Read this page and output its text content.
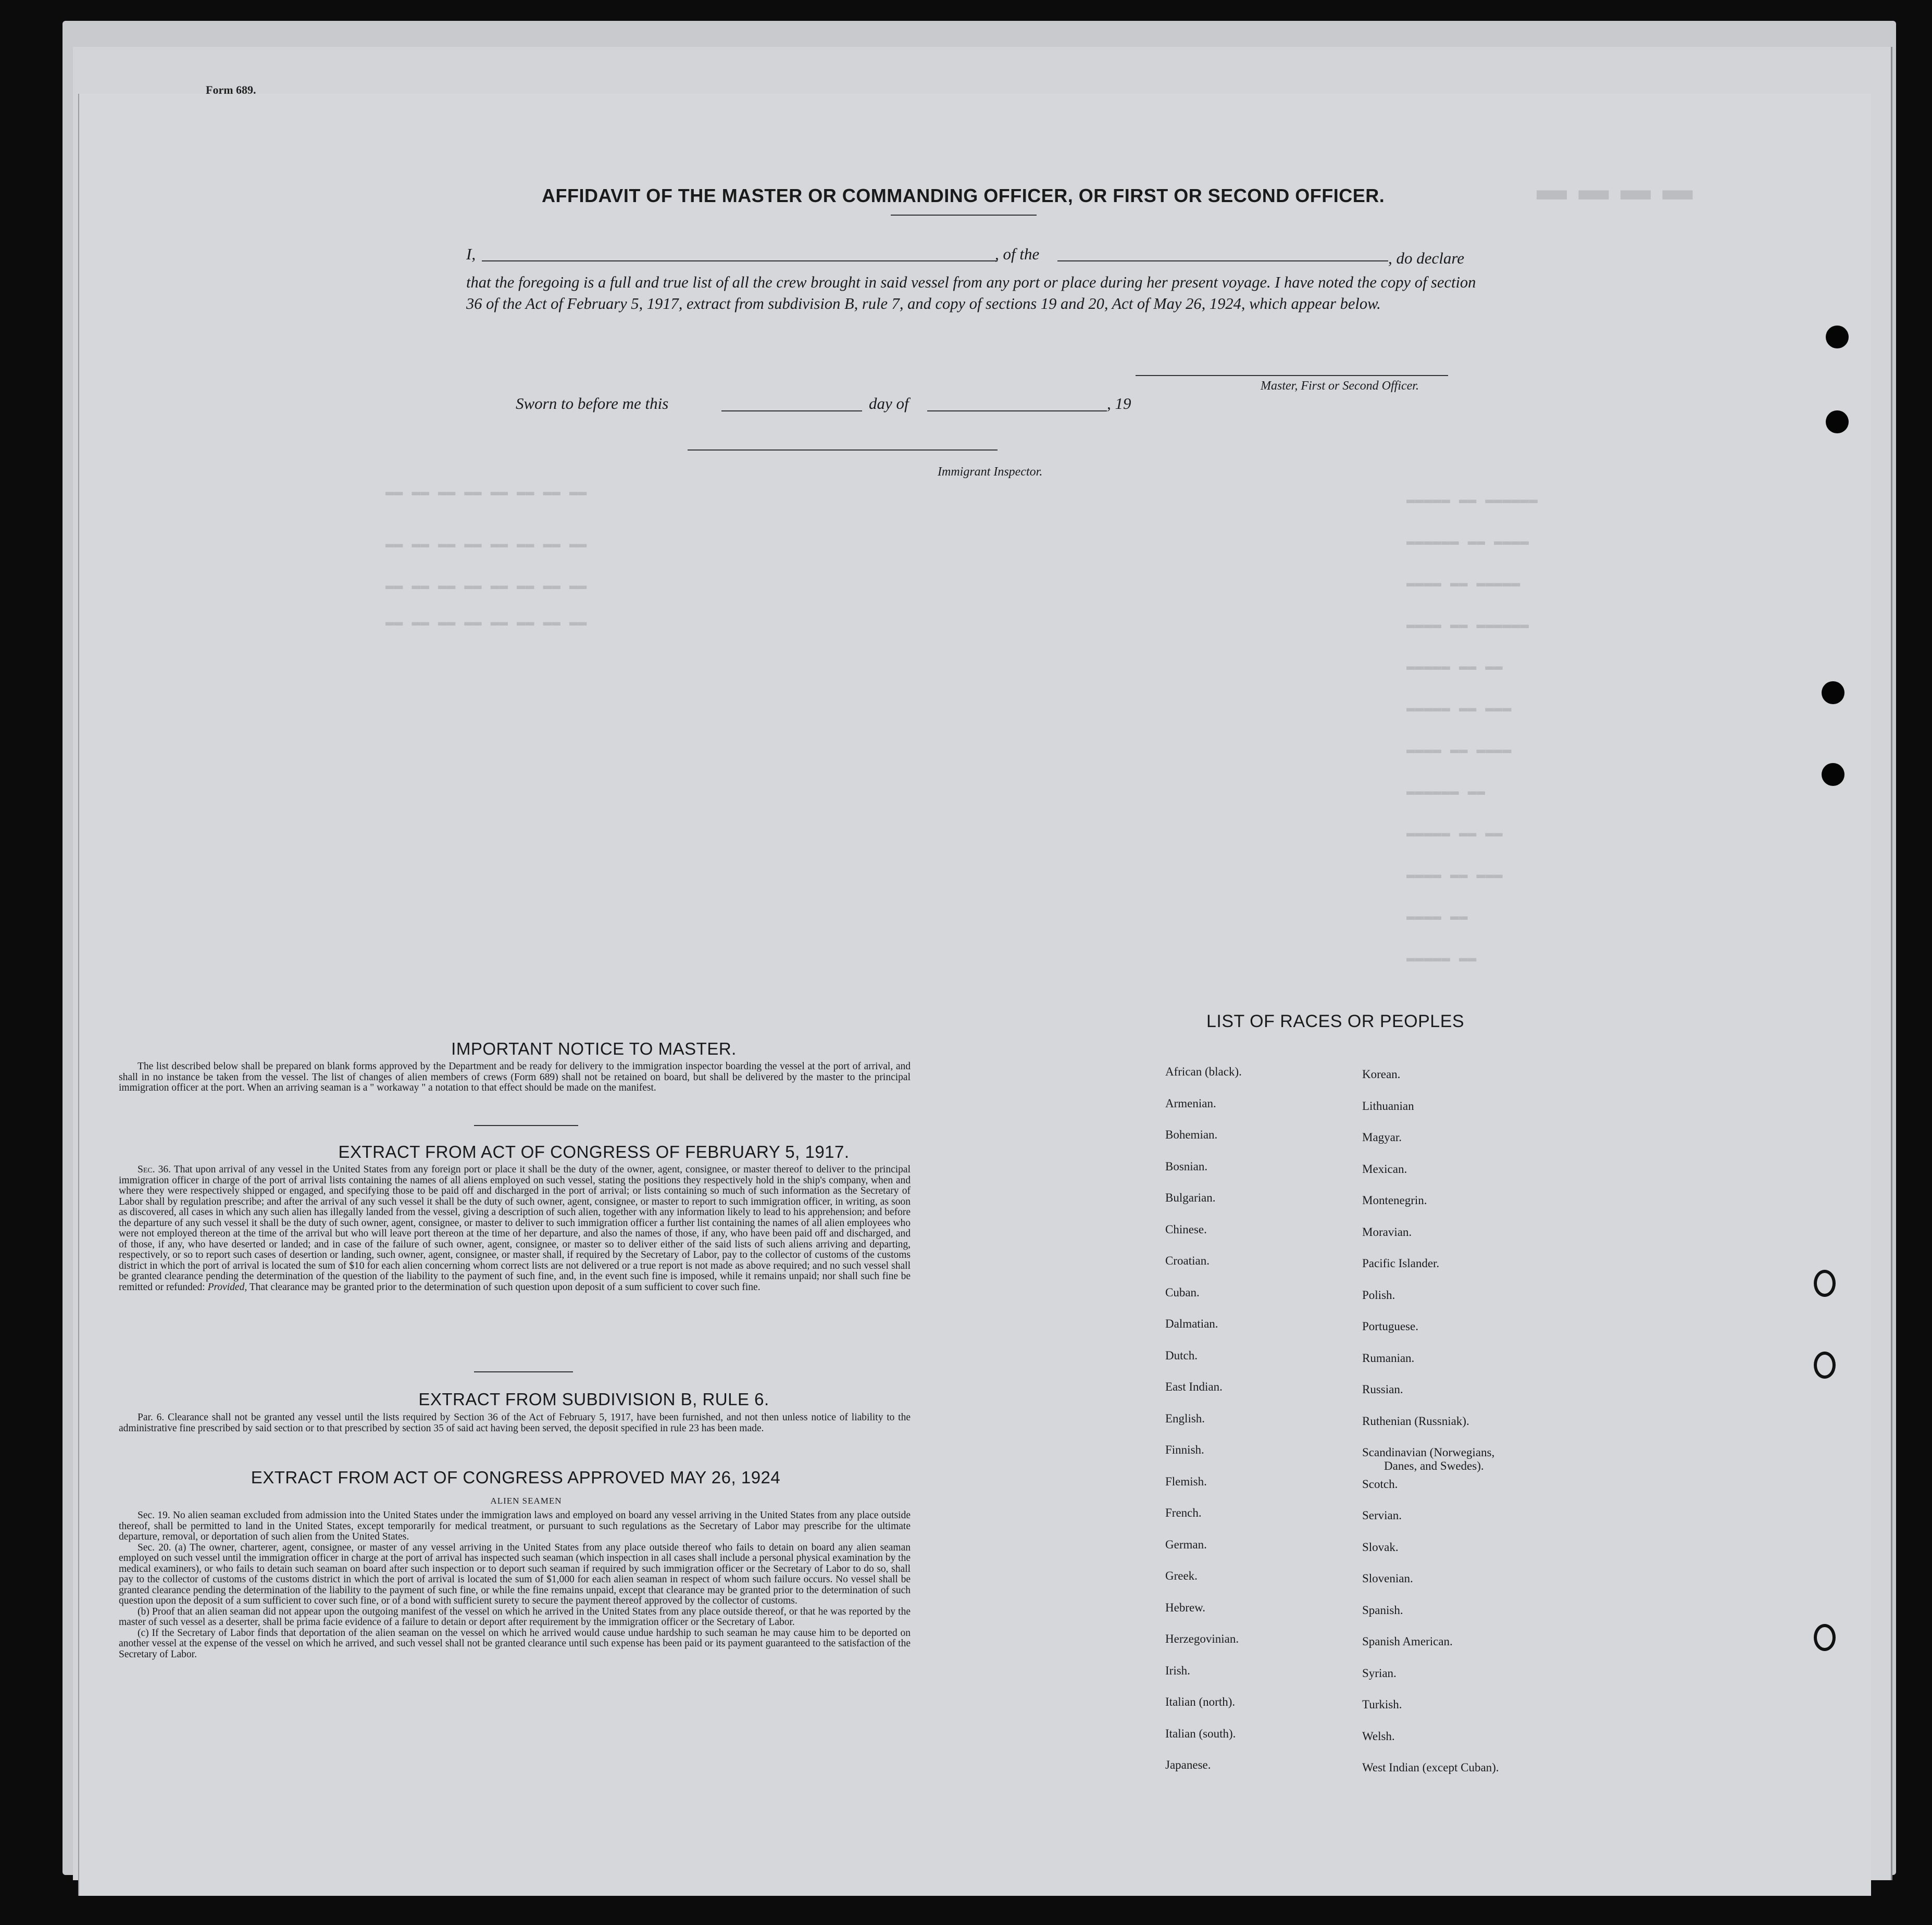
Form 689.
▬ ▬ ▬ ▬
▬▬▬▬▬ ▬▬ ▬▬▬▬▬▬
▬▬▬▬▬▬ ▬▬ ▬▬▬▬
▬▬▬▬ ▬▬ ▬▬▬▬▬
▬▬▬▬ ▬▬ ▬▬▬▬▬▬
▬▬▬▬▬ ▬▬ ▬▬
▬▬▬▬▬ ▬▬ ▬▬▬
▬▬▬▬ ▬▬ ▬▬▬▬
▬▬▬▬▬▬ ▬▬
▬▬▬▬▬ ▬▬ ▬▬
▬▬▬▬ ▬▬ ▬▬▬
▬▬▬▬ ▬▬
▬▬▬▬▬ ▬▬
▬▬ ▬▬ ▬▬ ▬▬ ▬▬ ▬▬ ▬▬ ▬▬
▬▬ ▬▬ ▬▬ ▬▬ ▬▬ ▬▬ ▬▬ ▬▬
▬▬ ▬▬ ▬▬ ▬▬ ▬▬ ▬▬ ▬▬ ▬▬
▬▬ ▬▬ ▬▬ ▬▬ ▬▬ ▬▬ ▬▬ ▬▬
AFFIDAVIT OF THE MASTER OR COMMANDING OFFICER, OR FIRST OR SECOND OFFICER.
I,	, of the	, do declare
that the foregoing is a full and true list of all the crew brought in said vessel from any port or place during her present voyage. I have noted the copy of section 36 of the Act of February 5, 1917, extract from subdivision B, rule 7, and copy of sections 19 and 20, Act of May 26, 1924, which appear below.
Master, First or Second Officer.
Sworn to before me this	day of	, 19
Immigrant Inspector.
IMPORTANT NOTICE TO MASTER.

The list described below shall be prepared on blank forms approved by the Department and be ready for delivery to the immigration inspector boarding the vessel at the port of arrival, and shall in no instance be taken from the vessel. The list of changes of alien members of crews (Form 689) shall not be retained on board, but shall be delivered by the master to the principal immigration officer at the port. When an arriving seaman is a " workaway " a notation to that effect should be made on the manifest.

EXTRACT FROM ACT OF CONGRESS OF FEBRUARY 5, 1917.

Sec. 36. That upon arrival of any vessel in the United States from any foreign port or place it shall be the duty of the owner, agent, consignee, or master thereof to deliver to the principal immigration officer in charge of the port of arrival lists containing the names of all aliens employed on such vessel, stating the positions they respectively hold in the ship's company, when and where they were respectively shipped or engaged, and specifying those to be paid off and discharged in the port of arrival; or lists containing so much of such information as the Secretary of Labor shall by regulation prescribe; and after the arrival of any such vessel it shall be the duty of such owner, agent, consignee, or master to report to such immigration officer, in writing, as soon as discovered, all cases in which any such alien has illegally landed from the vessel, giving a description of such alien, together with any information likely to lead to his apprehension; and before the departure of any such vessel it shall be the duty of such owner, agent, consignee, or master to deliver to such immigration officer a further list containing the names of all alien employees who were not employed thereon at the time of the arrival but who will leave port thereon at the time of her departure, and also the names of those, if any, who have been paid off and discharged, and of those, if any, who have deserted or landed; and in case of the failure of such owner, agent, consignee, or master so to deliver either of the said lists of such aliens arriving and departing, respectively, or so to report such cases of desertion or landing, such owner, agent, consignee, or master shall, if required by the Secretary of Labor, pay to the collector of customs of the customs district in which the port of arrival is located the sum of $10 for each alien concerning whom correct lists are not delivered or a true report is not made as above required; and no such vessel shall be granted clearance pending the determination of the question of the liability to the payment of such fine, and, in the event such fine is imposed, while it remains unpaid; nor shall such fine be remitted or refunded: Provided, That clearance may be granted prior to the determination of such question upon deposit of a sum sufficient to cover such fine.

EXTRACT FROM SUBDIVISION B, RULE 6.

Par. 6. Clearance shall not be granted any vessel until the lists required by Section 36 of the Act of February 5, 1917, have been furnished, and not then unless notice of liability to the administrative fine prescribed by said section or to that prescribed by section 35 of said act having been served, the deposit specified in rule 23 has been made.

EXTRACT FROM ACT OF CONGRESS APPROVED MAY 26, 1924
ALIEN SEAMEN

Sec. 19. No alien seaman excluded from admission into the United States under the immigration laws and employed on board any vessel arriving in the United States from any place outside thereof, shall be permitted to land in the United States, except temporarily for medical treatment, or pursuant to such regulations as the Secretary of Labor may prescribe for the ultimate departure, removal, or deportation of such alien from the United States.

Sec. 20. (a) The owner, charterer, agent, consignee, or master of any vessel arriving in the United States from any place outside thereof who fails to detain on board any alien seaman employed on such vessel until the immigration officer in charge at the port of arrival has inspected such seaman (which inspection in all cases shall include a personal physical examination by the medical examiners), or who fails to detain such seaman on board after such inspection or to deport such seaman if required by such immigration officer or the Secretary of Labor to do so, shall pay to the collector of customs of the customs district in which the port of arrival is located the sum of $1,000 for each alien seaman in respect of whom such failure occurs. No vessel shall be granted clearance pending the determination of the liability to the payment of such fine, or while the fine remains unpaid, except that clearance may be granted prior to the determination of such question upon the deposit of a sum sufficient to cover such fine, or of a bond with sufficient surety to secure the payment thereof approved by the collector of customs.

(b) Proof that an alien seaman did not appear upon the outgoing manifest of the vessel on which he arrived in the United States from any place outside thereof, or that he was reported by the master of such vessel as a deserter, shall be prima facie evidence of a failure to detain or deport after requirement by the immigration officer or the Secretary of Labor.

(c) If the Secretary of Labor finds that deportation of the alien seaman on the vessel on which he arrived would cause undue hardship to such seaman he may cause him to be deported on another vessel at the expense of the vessel on which he arrived, and such vessel shall not be granted clearance until such expense has been paid or its payment guaranteed to the satisfaction of the Secretary of Labor.

LIST OF RACES OR PEOPLES
African (black).
Armenian.
Bohemian.
Bosnian.
Bulgarian.
Chinese.
Croatian.
Cuban.
Dalmatian.
Dutch.
East Indian.
English.
Finnish.
Flemish.
French.
German.
Greek.
Hebrew.
Herzegovinian.
Irish.
Italian (north).
Italian (south).
Japanese.
Korean.
Lithuanian
Magyar.
Mexican.
Montenegrin.
Moravian.
Pacific Islander.
Polish.
Portuguese.
Rumanian.
Russian.
Ruthenian (Russniak).
Scandinavian (Norwegians,
Danes, and Swedes).
Scotch.
Servian.
Slovak.
Slovenian.
Spanish.
Spanish American.
Syrian.
Turkish.
Welsh.
West Indian (except Cuban).
